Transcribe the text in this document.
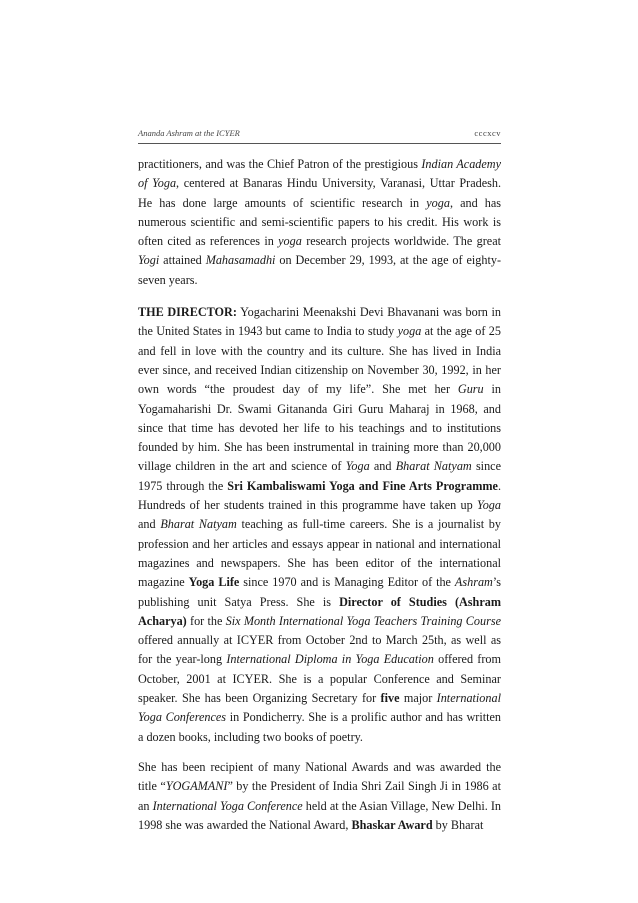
Ananda Ashram at the ICYER	cccxcv

practitioners, and was the Chief Patron of the prestigious Indian Academy of Yoga, centered at Banaras Hindu University, Varanasi, Uttar Pradesh. He has done large amounts of scientific research in yoga, and has numerous scientific and semi-scientific papers to his credit. His work is often cited as references in yoga research projects worldwide. The great Yogi attained Mahasamadhi on December 29, 1993, at the age of eighty-seven years.

THE DIRECTOR: Yogacharini Meenakshi Devi Bhavanani was born in the United States in 1943 but came to India to study yoga at the age of 25 and fell in love with the country and its culture. She has lived in India ever since, and received Indian citizenship on November 30, 1992, in her own words “the proudest day of my life”. She met her Guru in Yogamaharishi Dr. Swami Gitananda Giri Guru Maharaj in 1968, and since that time has devoted her life to his teachings and to institutions founded by him. She has been instrumental in training more than 20,000 village children in the art and science of Yoga and Bharat Natyam since 1975 through the Sri Kambaliswami Yoga and Fine Arts Programme. Hundreds of her students trained in this programme have taken up Yoga and Bharat Natyam teaching as full-time careers. She is a journalist by profession and her articles and essays appear in national and international magazines and newspapers. She has been editor of the international magazine Yoga Life since 1970 and is Managing Editor of the Ashram’s publishing unit Satya Press. She is Director of Studies (Ashram Acharya) for the Six Month International Yoga Teachers Training Course offered annually at ICYER from October 2nd to March 25th, as well as for the year-long International Diploma in Yoga Education offered from October, 2001 at ICYER. She is a popular Conference and Seminar speaker. She has been Organizing Secretary for five major International Yoga Conferences in Pondicherry. She is a prolific author and has written a dozen books, including two books of poetry.

She has been recipient of many National Awards and was awarded the title “YOGAMANI” by the President of India Shri Zail Singh Ji in 1986 at an International Yoga Conference held at the Asian Village, New Delhi. In 1998 she was awarded the National Award, Bhaskar Award by Bharat
